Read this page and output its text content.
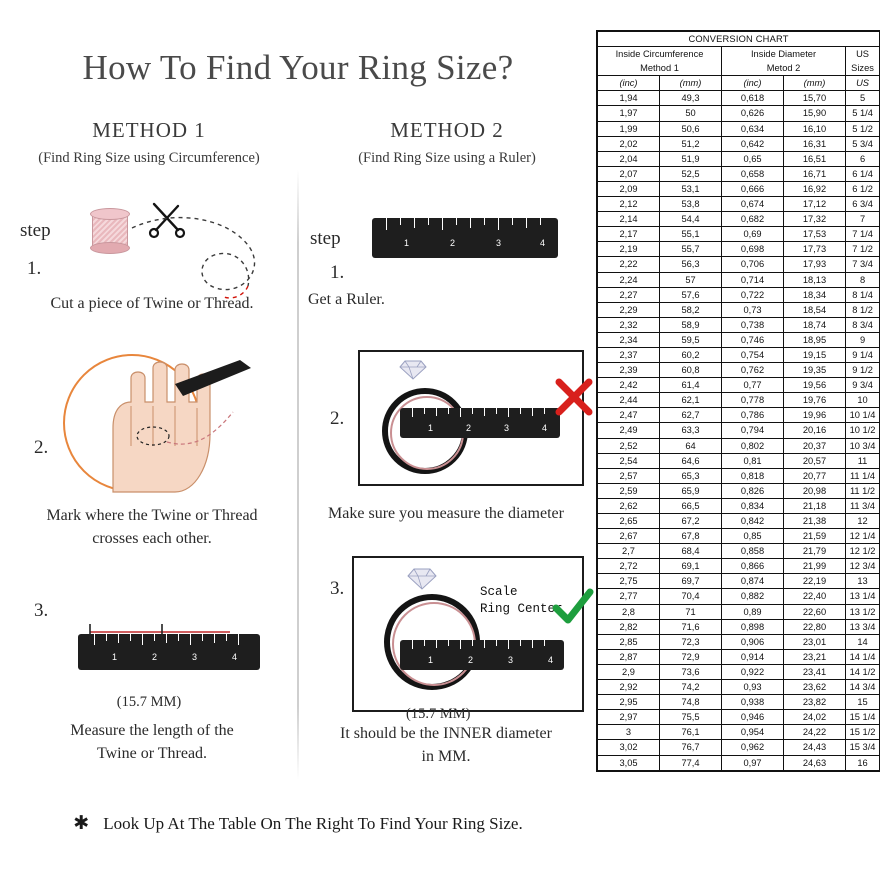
How To Find Your Ring Size?
METHOD 1
(Find Ring Size using Circumference)
step
1.
2.
3.
Cut a piece of Twine or Thread.
Mark where the Twine or Thread
crosses each other.
1	2	3	4
(15.7 MM)
Measure the length of the
Twine or Thread.
METHOD 2
(Find Ring Size using a Ruler)
step
1.
2.
3.
1	2	3	4
Get a Ruler.
1	2	3	4
Make sure you measure the diameter
1	2	3	4
Scale
Ring Center
(15.7 MM)
It should be the INNER diameter
in MM.
✱ Look Up At The Table On The Right To Find Your Ring Size.
CONVERSION CHART				
Inside Circumference
Method 1		Inside Diameter
Metod 2		US Sizes
(inc)	(mm)	(inc)	(mm)	US
1,94	49,3	0,618	15,70	5
1,97	50	0,626	15,90	5 1/4
1,99	50,6	0,634	16,10	5 1/2
2,02	51,2	0,642	16,31	5 3/4
2,04	51,9	0,65	16,51	6
2,07	52,5	0,658	16,71	6 1/4
2,09	53,1	0,666	16,92	6 1/2
2,12	53,8	0,674	17,12	6 3/4
2,14	54,4	0,682	17,32	7
2,17	55,1	0,69	17,53	7 1/4
2,19	55,7	0,698	17,73	7 1/2
2,22	56,3	0,706	17,93	7 3/4
2,24	57	0,714	18,13	8
2,27	57,6	0,722	18,34	8 1/4
2,29	58,2	0,73	18,54	8 1/2
2,32	58,9	0,738	18,74	8 3/4
2,34	59,5	0,746	18,95	9
2,37	60,2	0,754	19,15	9 1/4
2,39	60,8	0,762	19,35	9 1/2
2,42	61,4	0,77	19,56	9 3/4
2,44	62,1	0,778	19,76	10
2,47	62,7	0,786	19,96	10 1/4
2,49	63,3	0,794	20,16	10 1/2
2,52	64	0,802	20,37	10 3/4
2,54	64,6	0,81	20,57	11
2,57	65,3	0,818	20,77	11 1/4
2,59	65,9	0,826	20,98	11 1/2
2,62	66,5	0,834	21,18	11 3/4
2,65	67,2	0,842	21,38	12
2,67	67,8	0,85	21,59	12 1/4
2,7	68,4	0,858	21,79	12 1/2
2,72	69,1	0,866	21,99	12 3/4
2,75	69,7	0,874	22,19	13
2,77	70,4	0,882	22,40	13 1/4
2,8	71	0,89	22,60	13 1/2
2,82	71,6	0,898	22,80	13 3/4
2,85	72,3	0,906	23,01	14
2,87	72,9	0,914	23,21	14 1/4
2,9	73,6	0,922	23,41	14 1/2
2,92	74,2	0,93	23,62	14 3/4
2,95	74,8	0,938	23,82	15
2,97	75,5	0,946	24,02	15 1/4
3	76,1	0,954	24,22	15 1/2
3,02	76,7	0,962	24,43	15 3/4
3,05	77,4	0,97	24,63	16
